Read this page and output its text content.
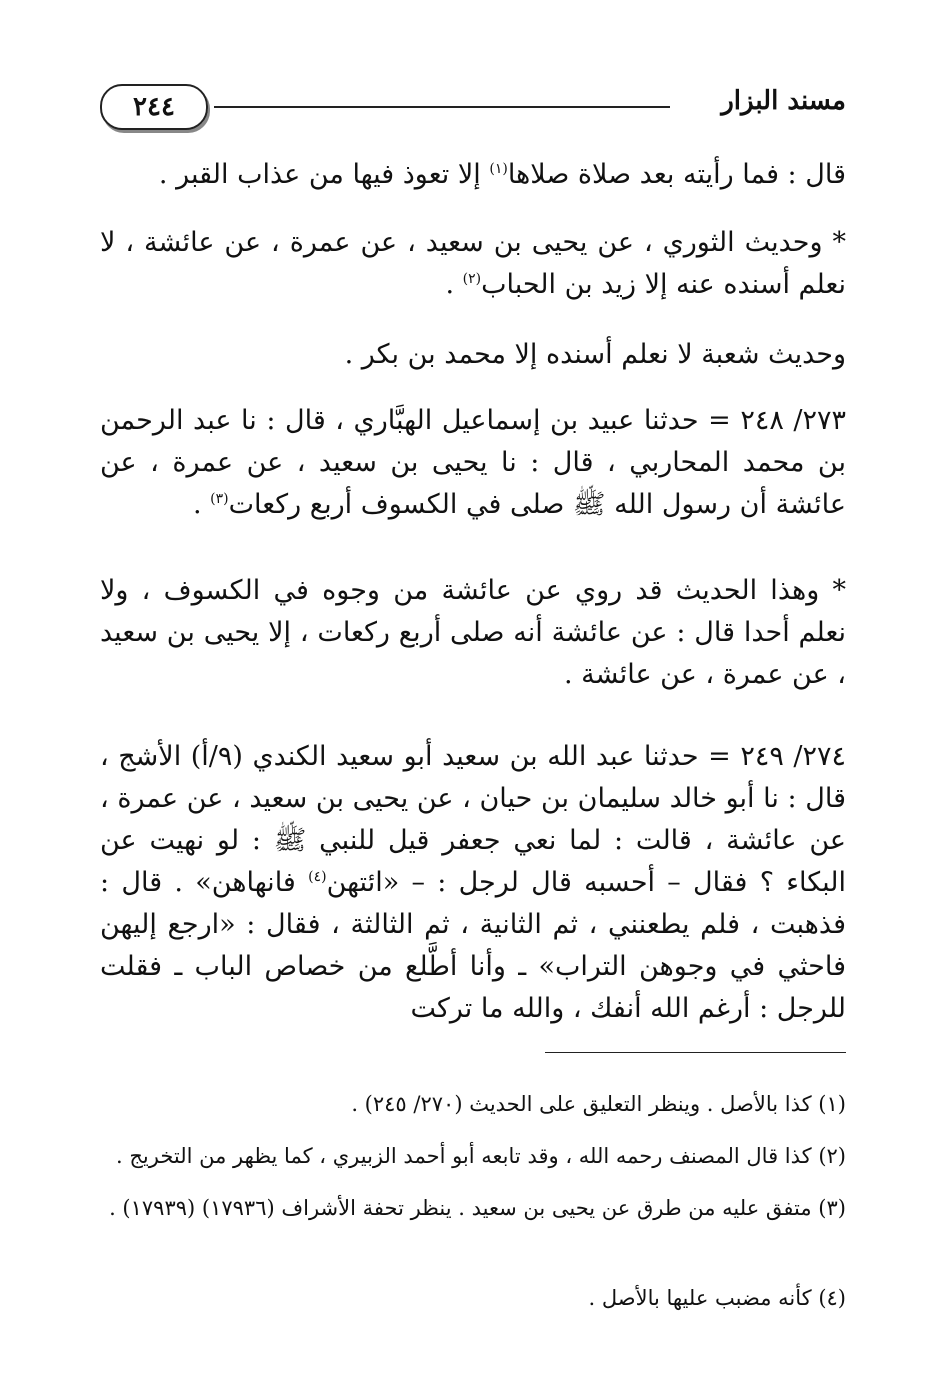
٢٤٤	مسند البزار

قال : فما رأيته بعد صلاة صلاها$^{(١)}$ إلا تعوذ فيها من عذاب القبر .

* وحديث الثوري ، عن يحيى بن سعيد ، عن عمرة ، عن عائشة ، لا نعلم أسنده عنه إلا زيد بن الحباب$^{(٢)}$ .

وحديث شعبة لا نعلم أسنده إلا محمد بن بكر .

٢٧٣/ ٢٤٨ = حدثنا عبيد بن إسماعيل الهبَّاري ، قال : نا عبد الرحمن بن محمد المحاربي ، قال : نا يحيى بن سعيد ، عن عمرة ، عن عائشة أن رسول الله ﷺ صلى في الكسوف أربع ركعات$^{(٣)}$ .

* وهذا الحديث قد روي عن عائشة من وجوه في الكسوف ، ولا نعلم أحدا قال : عن عائشة أنه صلى أربع ركعات ، إلا يحيى بن سعيد ، عن عمرة ، عن عائشة .

٢٧٤/ ٢٤٩ = حدثنا عبد الله بن سعيد أبو سعيد الكندي (٩/أ) الأشج ، قال : نا أبو خالد سليمان بن حيان ، عن يحيى بن سعيد ، عن عمرة ، عن عائشة ، قالت : لما نعي جعفر قيل للنبي ﷺ : لو نهيت عن البكاء ؟ فقال – أحسبه قال لرجل : – «ائتهن$^{(٤)}$ فانهاهن» . قال : فذهبت ، فلم يطعنني ، ثم الثانية ، ثم الثالثة ، فقال : «ارجع إليهن فاحثي في وجوهن التراب» ـ وأنا أطَّلع من خصاص الباب ـ فقلت للرجل : أرغم الله أنفك ، والله ما تركت

(١) كذا بالأصل . وينظر التعليق على الحديث (٢٧٠/ ٢٤٥) .

(٢) كذا قال المصنف رحمه الله ، وقد تابعه أبو أحمد الزبيري ، كما يظهر من التخريج .

(٣) متفق عليه من طرق عن يحيى بن سعيد . ينظر تحفة الأشراف (١٧٩٣٦) (١٧٩٣٩) .

(٤) كأنه مضبب عليها بالأصل .
